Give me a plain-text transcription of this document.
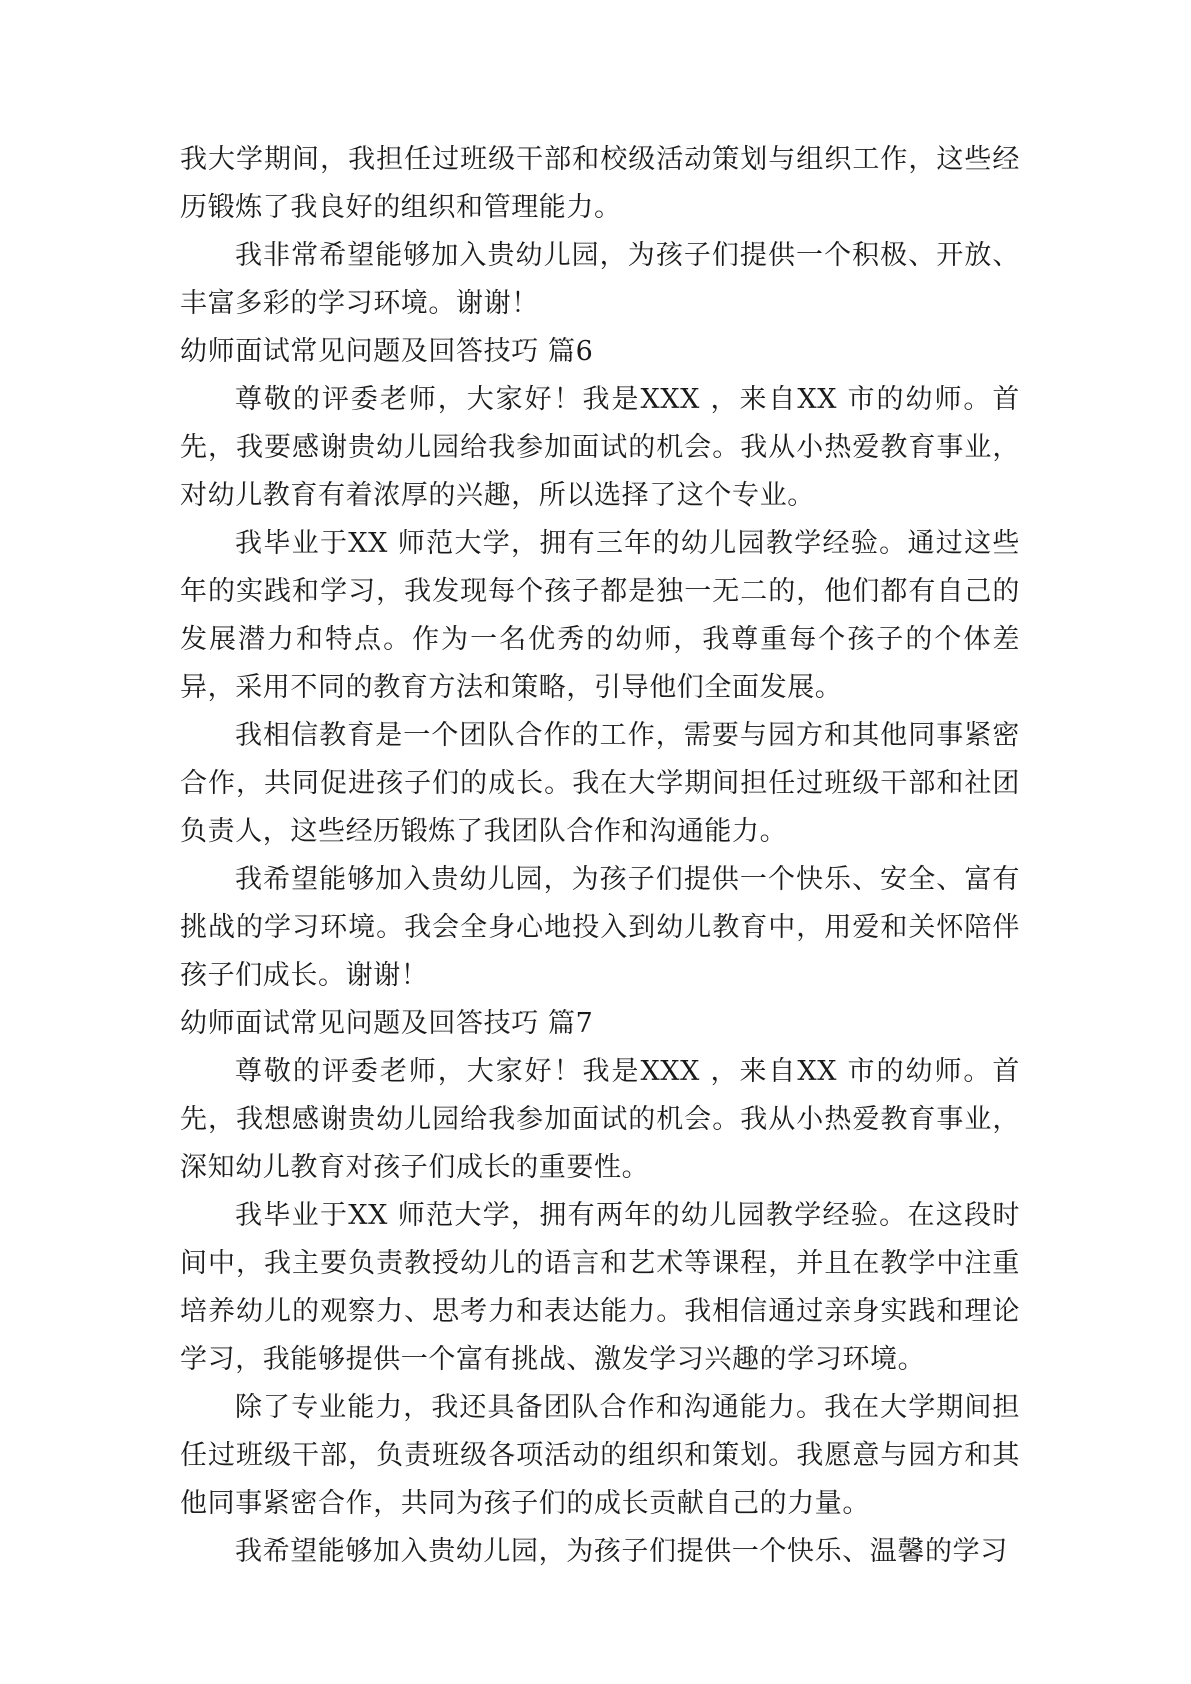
我大学期间，我担任过班级干部和校级活动策划与组织工作，这些经历锻炼了我良好的组织和管理能力。

我非常希望能够加入贵幼儿园，为孩子们提供一个积极、开放、丰富多彩的学习环境。谢谢！

幼师面试常见问题及回答技巧 篇6

尊敬的评委老师，大家好！我是XXX ，来自XX 市的幼师。首先，我要感谢贵幼儿园给我参加面试的机会。我从小热爱教育事业，对幼儿教育有着浓厚的兴趣，所以选择了这个专业。

我毕业于XX 师范大学，拥有三年的幼儿园教学经验。通过这些年的实践和学习，我发现每个孩子都是独一无二的，他们都有自己的发展潜力和特点。作为一名优秀的幼师，我尊重每个孩子的个体差异，采用不同的教育方法和策略，引导他们全面发展。

我相信教育是一个团队合作的工作，需要与园方和其他同事紧密合作，共同促进孩子们的成长。我在大学期间担任过班级干部和社团负责人，这些经历锻炼了我团队合作和沟通能力。

我希望能够加入贵幼儿园，为孩子们提供一个快乐、安全、富有挑战的学习环境。我会全身心地投入到幼儿教育中，用爱和关怀陪伴孩子们成长。谢谢！

幼师面试常见问题及回答技巧 篇7

尊敬的评委老师，大家好！我是XXX ，来自XX 市的幼师。首先，我想感谢贵幼儿园给我参加面试的机会。我从小热爱教育事业，深知幼儿教育对孩子们成长的重要性。

我毕业于XX 师范大学，拥有两年的幼儿园教学经验。在这段时间中，我主要负责教授幼儿的语言和艺术等课程，并且在教学中注重培养幼儿的观察力、思考力和表达能力。我相信通过亲身实践和理论学习，我能够提供一个富有挑战、激发学习兴趣的学习环境。

除了专业能力，我还具备团队合作和沟通能力。我在大学期间担任过班级干部，负责班级各项活动的组织和策划。我愿意与园方和其他同事紧密合作，共同为孩子们的成长贡献自己的力量。

我希望能够加入贵幼儿园，为孩子们提供一个快乐、温馨的学习
